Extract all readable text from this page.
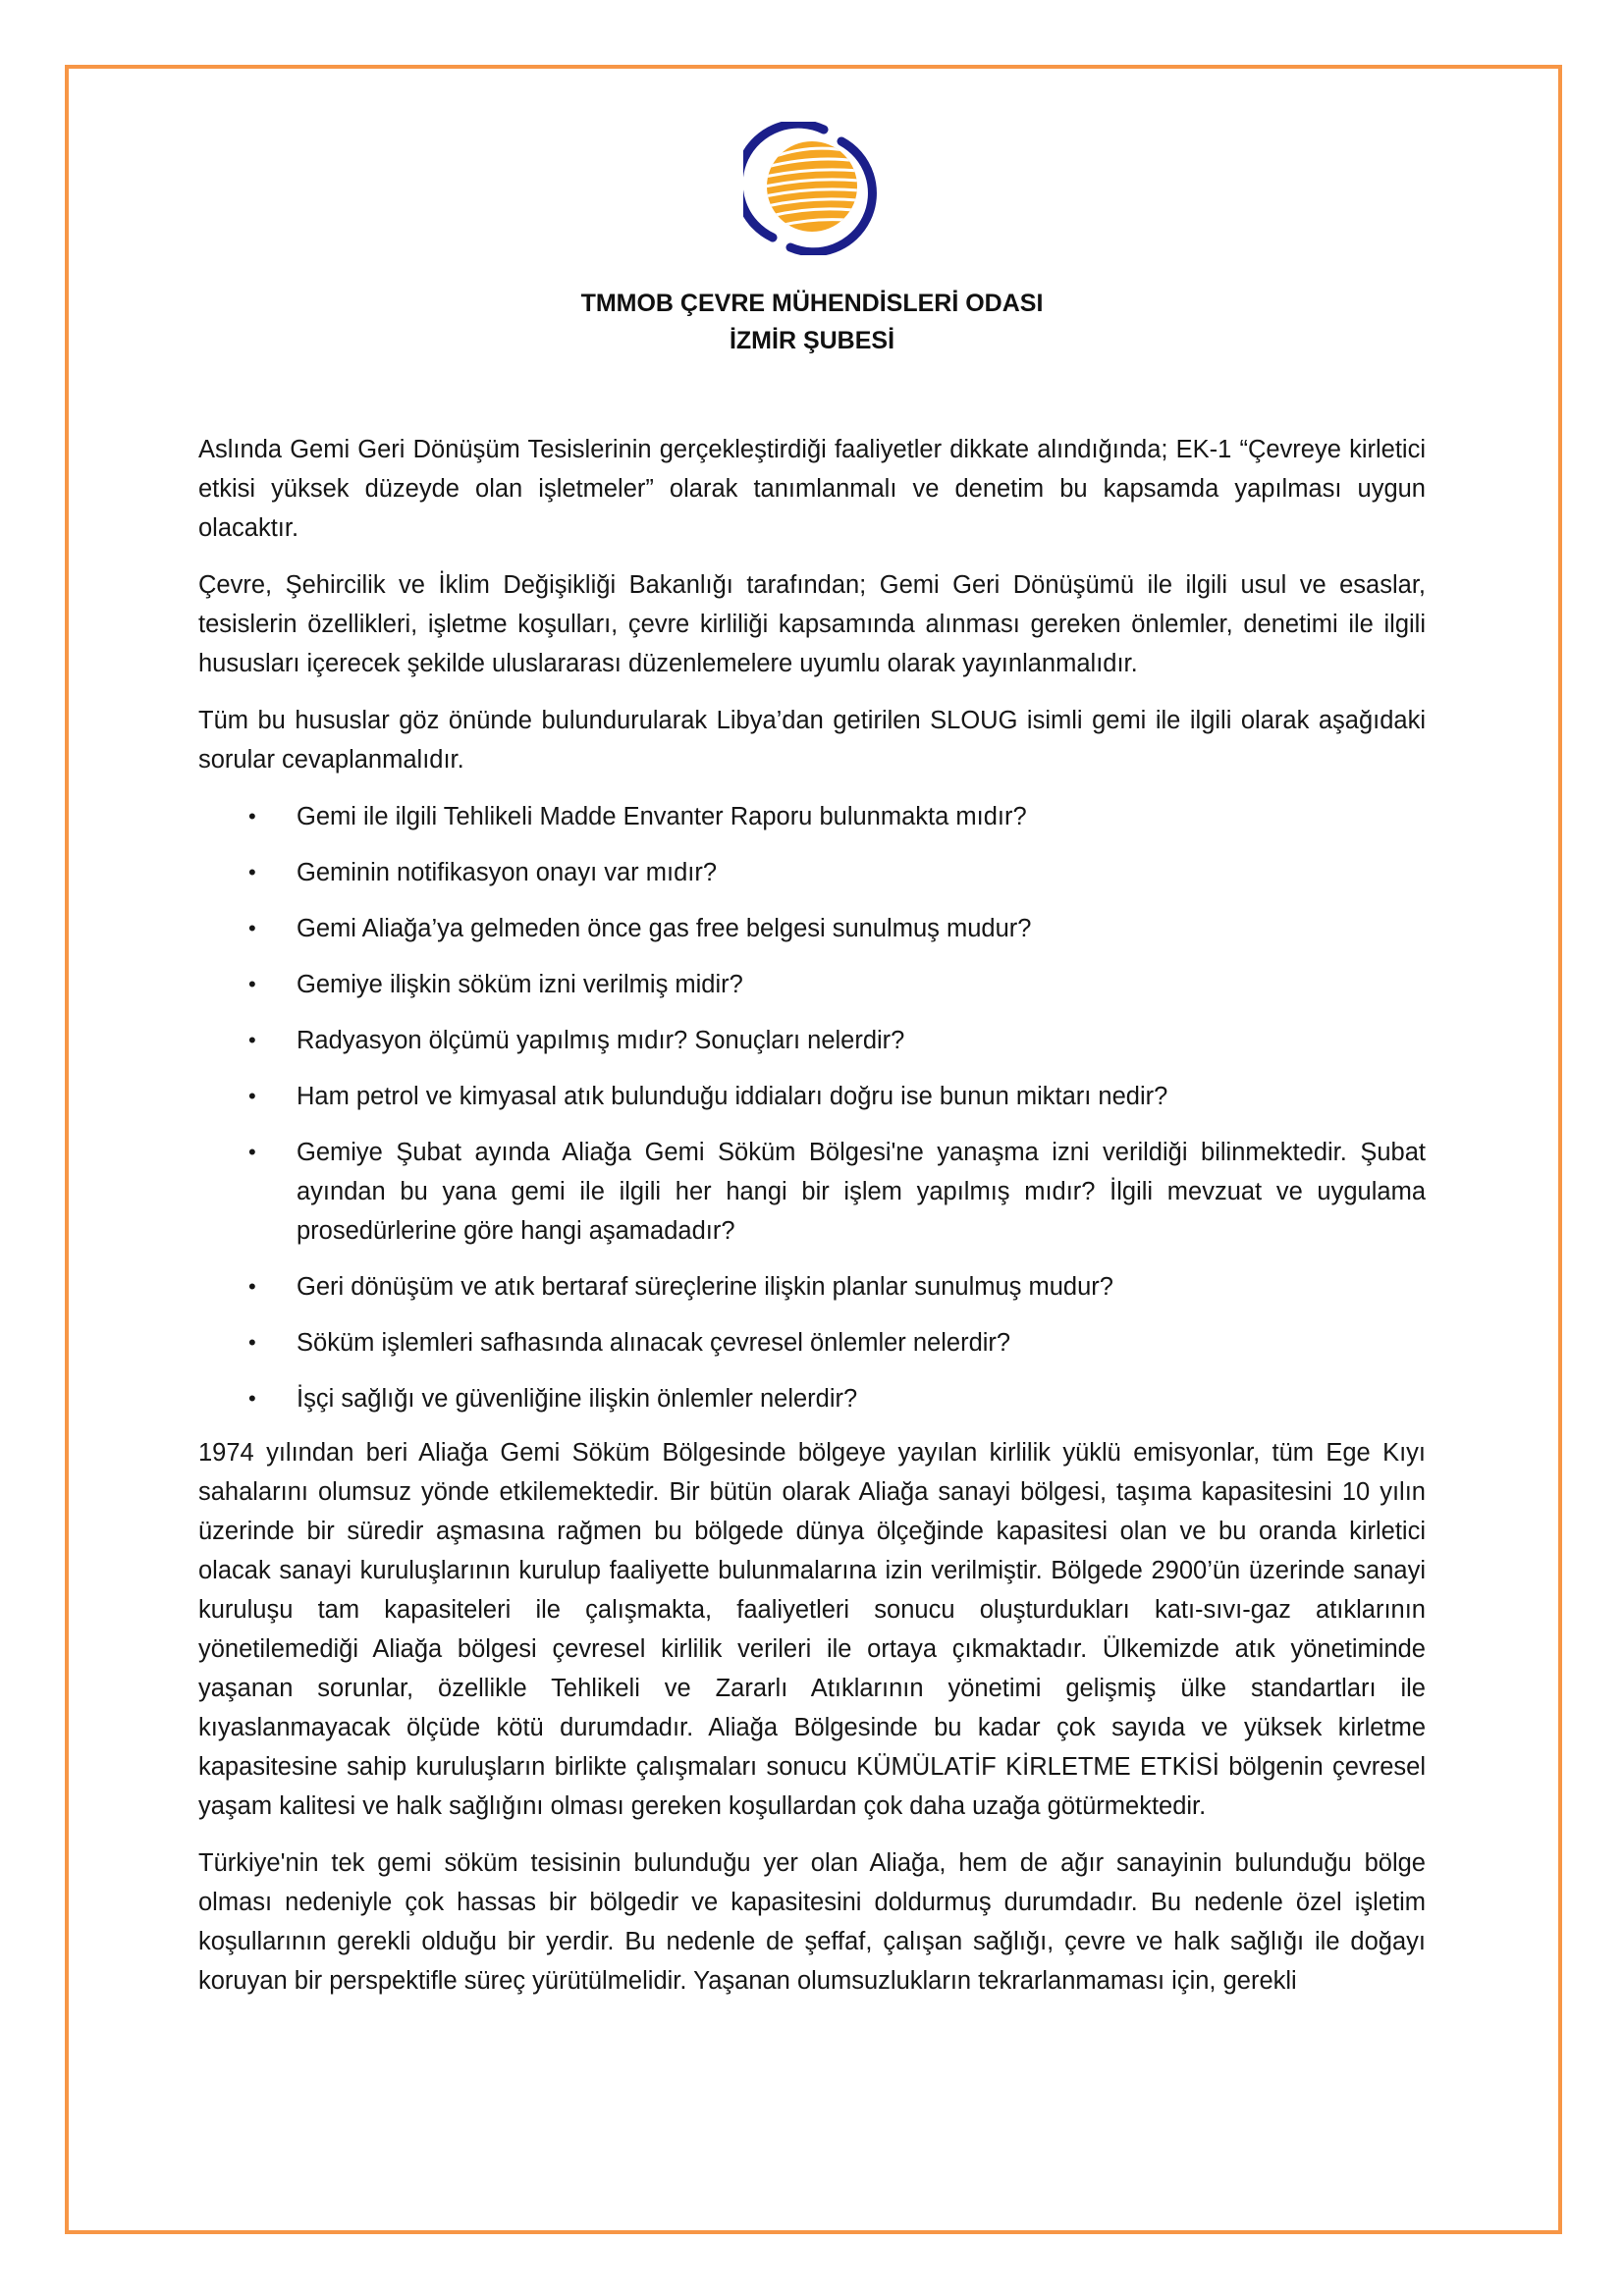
TMMOB ÇEVRE MÜHENDİSLERİ ODASI
İZMİR ŞUBESİ

Aslında Gemi Geri Dönüşüm Tesislerinin gerçekleştirdiği faaliyetler dikkate alındığında; EK-1 “Çevreye kirletici etkisi yüksek düzeyde olan işletmeler” olarak tanımlanmalı ve denetim bu kapsamda yapılması uygun olacaktır.

Çevre, Şehircilik ve İklim Değişikliği Bakanlığı tarafından; Gemi Geri Dönüşümü ile ilgili usul ve esaslar, tesislerin özellikleri, işletme koşulları, çevre kirliliği kapsamında alınması gereken önlemler, denetimi ile ilgili hususları içerecek şekilde uluslararası düzenlemelere uyumlu olarak yayınlanmalıdır.

Tüm bu hususlar göz önünde bulundurularak Libya’dan getirilen SLOUG isimli gemi ile ilgili olarak aşağıdaki sorular cevaplanmalıdır.

• Gemi ile ilgili Tehlikeli Madde Envanter Raporu bulunmakta mıdır?
• Geminin notifikasyon onayı var mıdır?
• Gemi Aliağa’ya gelmeden önce gas free belgesi sunulmuş mudur?
• Gemiye ilişkin söküm izni verilmiş midir?
• Radyasyon ölçümü yapılmış mıdır? Sonuçları nelerdir?
• Ham petrol ve kimyasal atık bulunduğu iddiaları doğru ise bunun miktarı nedir?
• Gemiye Şubat ayında Aliağa Gemi Söküm Bölgesi'ne yanaşma izni verildiği bilinmektedir. Şubat ayından bu yana gemi ile ilgili her hangi bir işlem yapılmış mıdır? İlgili mevzuat ve uygulama prosedürlerine göre hangi aşamadadır?
• Geri dönüşüm ve atık bertaraf süreçlerine ilişkin planlar sunulmuş mudur?
• Söküm işlemleri safhasında alınacak çevresel önlemler nelerdir?
• İşçi sağlığı ve güvenliğine ilişkin önlemler nelerdir?

1974 yılından beri Aliağa Gemi Söküm Bölgesinde bölgeye yayılan kirlilik yüklü emisyonlar, tüm Ege Kıyı sahalarını olumsuz yönde etkilemektedir. Bir bütün olarak Aliağa sanayi bölgesi, taşıma kapasitesini 10 yılın üzerinde bir süredir aşmasına rağmen bu bölgede dünya ölçeğinde kapasitesi olan ve bu oranda kirletici olacak sanayi kuruluşlarının kurulup faaliyette bulunmalarına izin verilmiştir. Bölgede 2900’ün üzerinde sanayi kuruluşu tam kapasiteleri ile çalışmakta, faaliyetleri sonucu oluşturdukları katı-sıvı-gaz atıklarının yönetilemediği Aliağa bölgesi çevresel kirlilik verileri ile ortaya çıkmaktadır. Ülkemizde atık yönetiminde yaşanan sorunlar, özellikle Tehlikeli ve Zararlı Atıklarının yönetimi gelişmiş ülke standartları ile kıyaslanmayacak ölçüde kötü durumdadır. Aliağa Bölgesinde bu kadar çok sayıda ve yüksek kirletme kapasitesine sahip kuruluşların birlikte çalışmaları sonucu KÜMÜLATİF KİRLETME ETKİSİ bölgenin çevresel yaşam kalitesi ve halk sağlığını olması gereken koşullardan çok daha uzağa götürmektedir.

Türkiye'nin tek gemi söküm tesisinin bulunduğu yer olan Aliağa, hem de ağır sanayinin bulunduğu bölge olması nedeniyle çok hassas bir bölgedir ve kapasitesini doldurmuş durumdadır. Bu nedenle özel işletim koşullarının gerekli olduğu bir yerdir. Bu nedenle de şeffaf, çalışan sağlığı, çevre ve halk sağlığı ile doğayı koruyan bir perspektifle süreç yürütülmelidir. Yaşanan olumsuzlukların tekrarlanmaması için, gerekli
